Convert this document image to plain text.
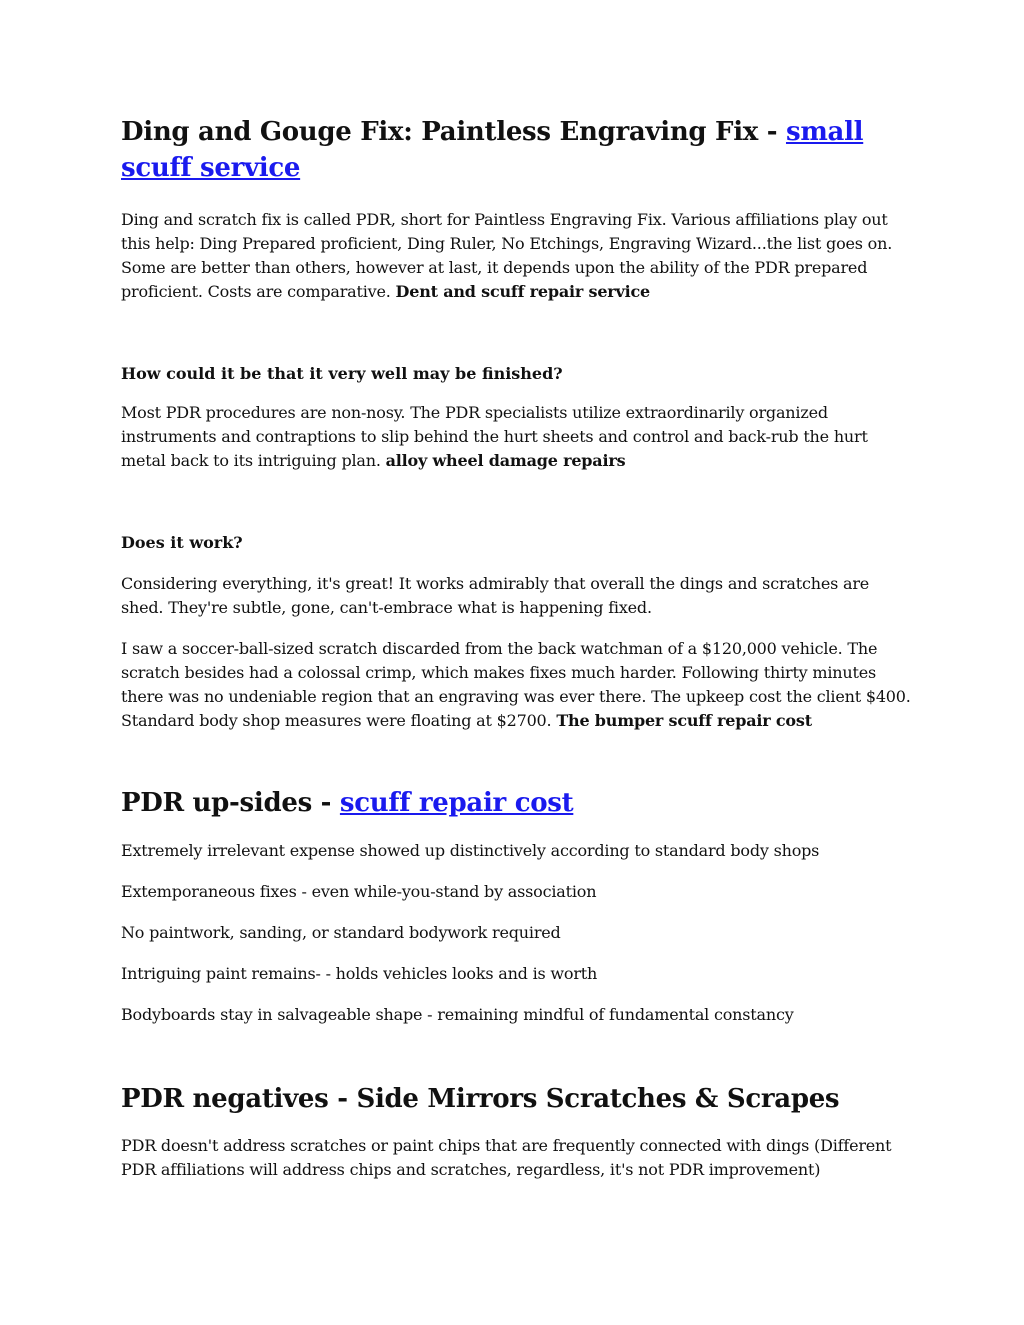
Ding and Gouge Fix: Paintless Engraving Fix - small scuff service

Ding and scratch fix is called PDR, short for Paintless Engraving Fix. Various affiliations play out this help: Ding Prepared proficient, Ding Ruler, No Etchings, Engraving Wizard...the list goes on. Some are better than others, however at last, it depends upon the ability of the PDR prepared proficient. Costs are comparative. Dent and scuff repair service

How could it be that it very well may be finished?

Most PDR procedures are non-nosy. The PDR specialists utilize extraordinarily organized instruments and contraptions to slip behind the hurt sheets and control and back-rub the hurt metal back to its intriguing plan. alloy wheel damage repairs

Does it work?

Considering everything, it's great! It works admirably that overall the dings and scratches are shed. They're subtle, gone, can't-embrace what is happening fixed.

I saw a soccer-ball-sized scratch discarded from the back watchman of a $120,000 vehicle. The scratch besides had a colossal crimp, which makes fixes much harder. Following thirty minutes there was no undeniable region that an engraving was ever there. The upkeep cost the client $400. Standard body shop measures were floating at $2700. The bumper scuff repair cost

PDR up-sides - scuff repair cost

Extremely irrelevant expense showed up distinctively according to standard body shops

Extemporaneous fixes - even while-you-stand by association

No paintwork, sanding, or standard bodywork required

Intriguing paint remains- - holds vehicles looks and is worth

Bodyboards stay in salvageable shape - remaining mindful of fundamental constancy

PDR negatives - Side Mirrors Scratches & Scrapes

PDR doesn't address scratches or paint chips that are frequently connected with dings (Different PDR affiliations will address chips and scratches, regardless, it's not PDR improvement)
